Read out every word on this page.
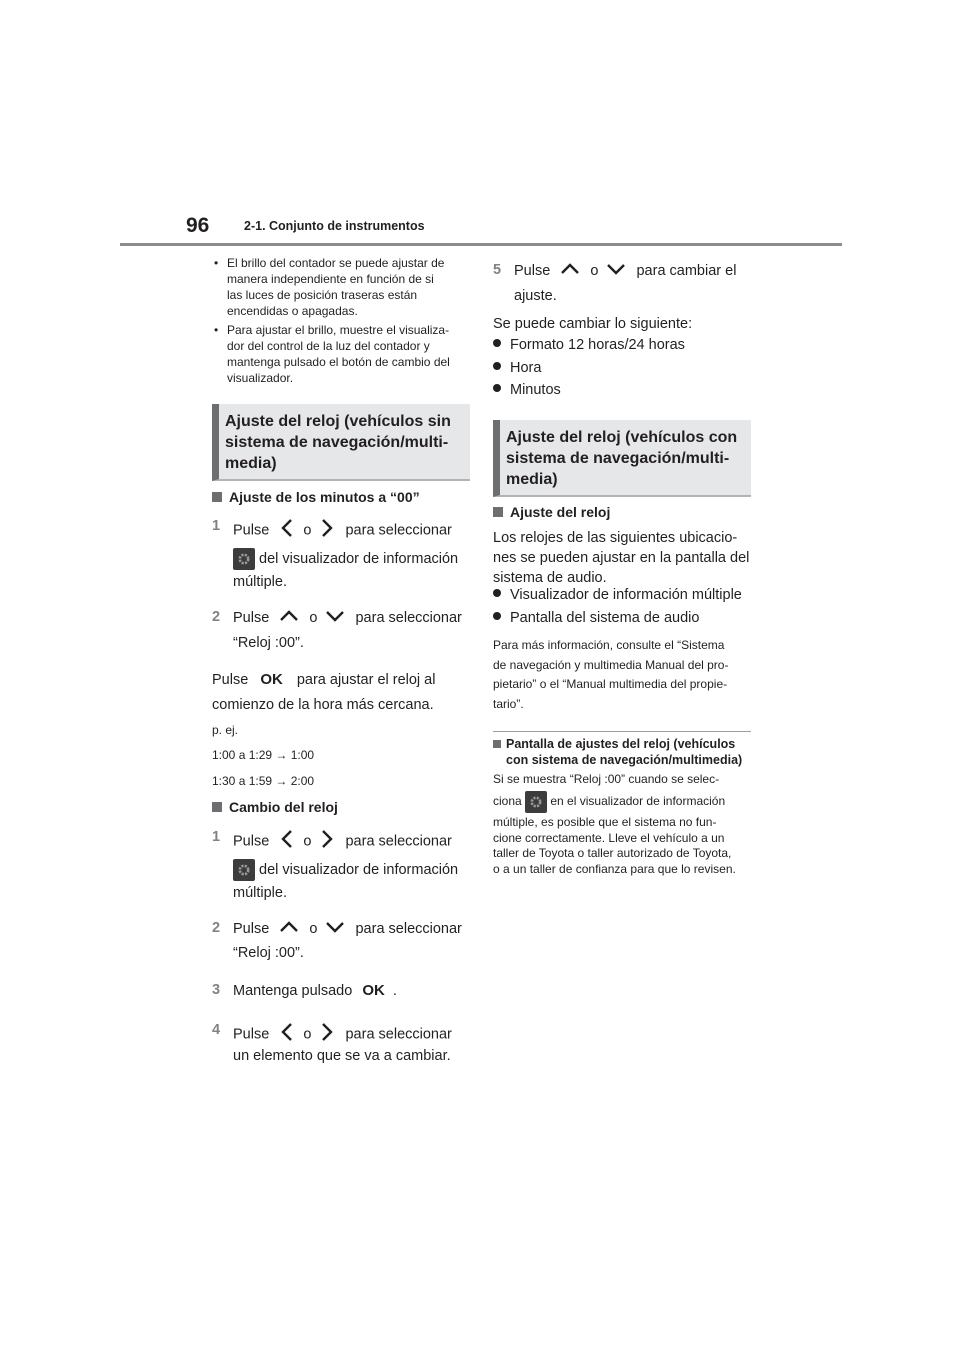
96	2-1. Conjunto de instrumentos
• El brillo del contador se puede ajustar de
manera independiente en función de si
las luces de posición traseras están
encendidas o apagadas.
• Para ajustar el brillo, muestre el visualiza-
dor del control de la luz del contador y
mantenga pulsado el botón de cambio del
visualizador.
Ajuste del reloj (vehículos sin
sistema de navegación/multi-
media)
Ajuste de los minutos a “00”
1 Pulse o para seleccionar
del visualizador de información
múltiple.
2 Pulse	o	para seleccionar
“Reloj :00”.
Pulse OK para ajustar el reloj al
comienzo de la hora más cercana.
p. ej.
1:00 a 1:29 → 1:00
1:30 a 1:59 → 2:00
Cambio del reloj
1 Pulse o para seleccionar
del visualizador de información
múltiple.
2 Pulse	o	para seleccionar
“Reloj :00”.
3 Mantenga pulsado OK .
4 Pulse o para seleccionar
un elemento que se va a cambiar.
5 Pulse	o	para cambiar el
ajuste.
Se puede cambiar lo siguiente:
Formato 12 horas/24 horas
Hora
Minutos
Ajuste del reloj (vehículos con
sistema de navegación/multi-
media)
Ajuste del reloj
Los relojes de las siguientes ubicacio-
nes se pueden ajustar en la pantalla del
sistema de audio.
Visualizador de información múltiple
Pantalla del sistema de audio
Para más información, consulte el “Sistema
de navegación y multimedia Manual del pro-
pietario” o el “Manual multimedia del propie-
tario”.
Pantalla de ajustes del reloj (vehículos
con sistema de navegación/multimedia)
Si se muestra “Reloj :00” cuando se selec-
ciona en el visualizador de información
múltiple, es posible que el sistema no fun-
cione correctamente. Lleve el vehículo a un
taller de Toyota o taller autorizado de Toyota,
o a un taller de confianza para que lo revisen.
